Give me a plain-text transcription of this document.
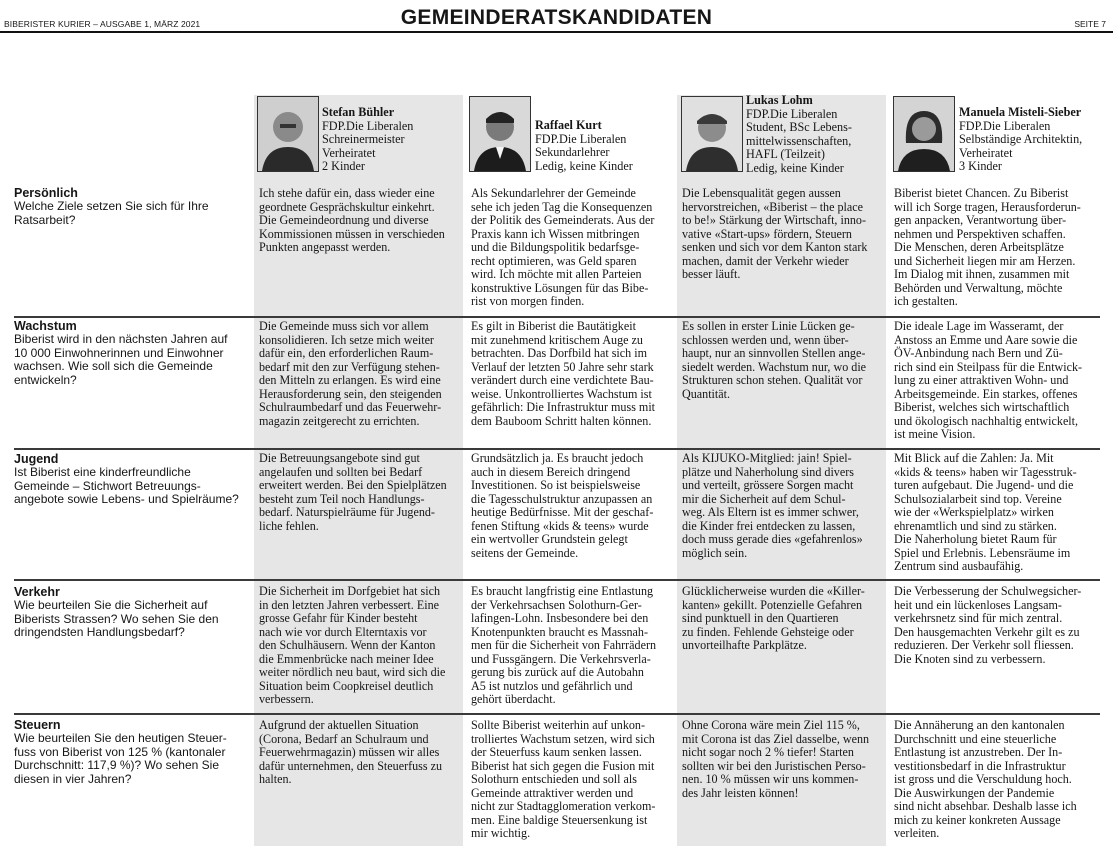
BIBERISTER KURIER – AUSGABE 1, MÄRZ 2021	GEMEINDERATSKANDIDATEN	SEITE 7
Stefan Bühler
FDP.Die Liberalen
Schreinermeister
Verheiratet
2 Kinder
Raffael Kurt
FDP.Die Liberalen
Sekundarlehrer
Ledig, keine Kinder
Lukas Lohm
FDP.Die Liberalen
Student, BSc Lebens-
mittelwissenschaften,
HAFL (Teilzeit)
Ledig, keine Kinder
Manuela Misteli-Sieber
FDP.Die Liberalen
Selbständige Architektin,
Verheiratet
3 Kinder
Persönlich
Welche Ziele setzen Sie sich für Ihre Ratsarbeit?
Ich stehe dafür ein, dass wieder eine
geordnete Gesprächskultur einkehrt.
Die Gemeindeordnung und diverse
Kommissionen müssen in verschieden
Punkten angepasst werden.
Als Sekundarlehrer der Gemeinde
sehe ich jeden Tag die Konsequenzen
der Politik des Gemeinderats. Aus der
Praxis kann ich Wissen mitbringen
und die Bildungspolitik bedarfsge-
recht optimieren, was Geld sparen
wird. Ich möchte mit allen Parteien
konstruktive Lösungen für das Bibe-
rist von morgen finden.
Die Lebensqualität gegen aussen
hervorstreichen, «Biberist – the place
to be!» Stärkung der Wirtschaft, inno-
vative «Start-ups» fördern, Steuern
senken und sich vor dem Kanton stark
machen, damit der Verkehr wieder
besser läuft.
Biberist bietet Chancen. Zu Biberist
will ich Sorge tragen, Herausforderun-
gen anpacken, Verantwortung über-
nehmen und Perspektiven schaffen.
Die Menschen, deren Arbeitsplätze
und Sicherheit liegen mir am Herzen.
Im Dialog mit ihnen, zusammen mit
Behörden und Verwaltung, möchte
ich gestalten.
Wachstum
Biberist wird in den nächsten Jahren auf 10 000 Einwohnerinnen und Einwohner wachsen. Wie soll sich die Gemeinde entwickeln?
Die Gemeinde muss sich vor allem
konsolidieren. Ich setze mich weiter
dafür ein, den erforderlichen Raum-
bedarf mit den zur Verfügung stehen-
den Mitteln zu erlangen. Es wird eine
Herausforderung sein, den steigenden
Schulraumbedarf und das Feuerwehr-
magazin zeitgerecht zu errichten.
Es gilt in Biberist die Bautätigkeit
mit zunehmend kritischem Auge zu
betrachten. Das Dorfbild hat sich im
Verlauf der letzten 50 Jahre sehr stark
verändert durch eine verdichtete Bau-
weise. Unkontrolliertes Wachstum ist
gefährlich: Die Infrastruktur muss mit
dem Bauboom Schritt halten können.
Es sollen in erster Linie Lücken ge-
schlossen werden und, wenn über-
haupt, nur an sinnvollen Stellen ange-
siedelt werden. Wachstum nur, wo die
Strukturen schon stehen. Qualität vor
Quantität.
Die ideale Lage im Wasseramt, der
Anstoss an Emme und Aare sowie die
ÖV-Anbindung nach Bern und Zü-
rich sind ein Steilpass für die Entwick-
lung zu einer attraktiven Wohn- und
Arbeitsgemeinde. Ein starkes, offenes
Biberist, welches sich wirtschaftlich
und ökologisch nachhaltig entwickelt,
ist meine Vision.
Jugend
Ist Biberist eine kinderfreundliche Gemeinde – Stichwort Betreuungs-angebote sowie Lebens- und Spielräume?
Die Betreuungsangebote sind gut
angelaufen und sollten bei Bedarf
erweitert werden. Bei den Spielplätzen
besteht zum Teil noch Handlungs-
bedarf. Naturspielräume für Jugend-
liche fehlen.
Grundsätzlich ja. Es braucht jedoch
auch in diesem Bereich dringend
Investitionen. So ist beispielsweise
die Tagesschulstruktur anzupassen an
heutige Bedürfnisse. Mit der geschaf-
fenen Stiftung «kids & teens» wurde
ein wertvoller Grundstein gelegt
seitens der Gemeinde.
Als KIJUKO-Mitglied: jain! Spiel-
plätze und Naherholung sind divers
und verteilt, grössere Sorgen macht
mir die Sicherheit auf dem Schul-
weg. Als Eltern ist es immer schwer,
die Kinder frei entdecken zu lassen,
doch muss gerade dies «gefahrenlos»
möglich sein.
Mit Blick auf die Zahlen: Ja. Mit
«kids & teens» haben wir Tagesstruk-
turen aufgebaut. Die Jugend- und die
Schulsozialarbeit sind top. Vereine
wie der «Werkspielplatz» wirken
ehrenamtlich und sind zu stärken.
Die Naherholung bietet Raum für
Spiel und Erlebnis. Lebensräume im
Zentrum sind ausbaufähig.
Verkehr
Wie beurteilen Sie die Sicherheit auf Biberists Strassen? Wo sehen Sie den dringendsten Handlungsbedarf?
Die Sicherheit im Dorfgebiet hat sich
in den letzten Jahren verbessert. Eine
grosse Gefahr für Kinder besteht
nach wie vor durch Elterntaxis vor
den Schulhäusern. Wenn der Kanton
die Emmenbrücke nach meiner Idee
weiter nördlich neu baut, wird sich die
Situation beim Coopkreisel deutlich
verbessern.
Es braucht langfristig eine Entlastung
der Verkehrsachsen Solothurn-Ger-
lafingen-Lohn. Insbesondere bei den
Knotenpunkten braucht es Massnah-
men für die Sicherheit von Fahrrädern
und Fussgängern. Die Verkehrsverla-
gerung bis zurück auf die Autobahn
A5 ist nutzlos und gefährlich und
gehört überdacht.
Glücklicherweise wurden die «Killer-
kanten» gekillt. Potenzielle Gefahren
sind punktuell in den Quartieren
zu finden. Fehlende Gehsteige oder
unvorteilhafte Parkplätze.
Die Verbesserung der Schulwegsicher-
heit und ein lückenloses Langsam-
verkehrsnetz sind für mich zentral.
Den hausgemachten Verkehr gilt es zu
reduzieren. Der Verkehr soll fliessen.
Die Knoten sind zu verbessern.
Steuern
Wie beurteilen Sie den heutigen Steuer-fuss von Biberist von 125 % (kantonaler Durchschnitt: 117,9 %)? Wo sehen Sie diesen in vier Jahren?
Aufgrund der aktuellen Situation
(Corona, Bedarf an Schulraum und
Feuerwehrmagazin) müssen wir alles
dafür unternehmen, den Steuerfuss zu
halten.
Sollte Biberist weiterhin auf unkon-
trolliertes Wachstum setzen, wird sich
der Steuerfuss kaum senken lassen.
Biberist hat sich gegen die Fusion mit
Solothurn entschieden und soll als
Gemeinde attraktiver werden und
nicht zur Stadtagglomeration verkom-
men. Eine baldige Steuersenkung ist
mir wichtig.
Ohne Corona wäre mein Ziel 115 %,
mit Corona ist das Ziel dasselbe, wenn
nicht sogar noch 2 % tiefer! Starten
sollten wir bei den Juristischen Perso-
nen. 10 % müssen wir uns kommen-
des Jahr leisten können!
Die Annäherung an den kantonalen
Durchschnitt und eine steuerliche
Entlastung ist anzustreben. Der In-
vestitionsbedarf in die Infrastruktur
ist gross und die Verschuldung hoch.
Die Auswirkungen der Pandemie
sind nicht absehbar. Deshalb lasse ich
mich zu keiner konkreten Aussage
verleiten.
